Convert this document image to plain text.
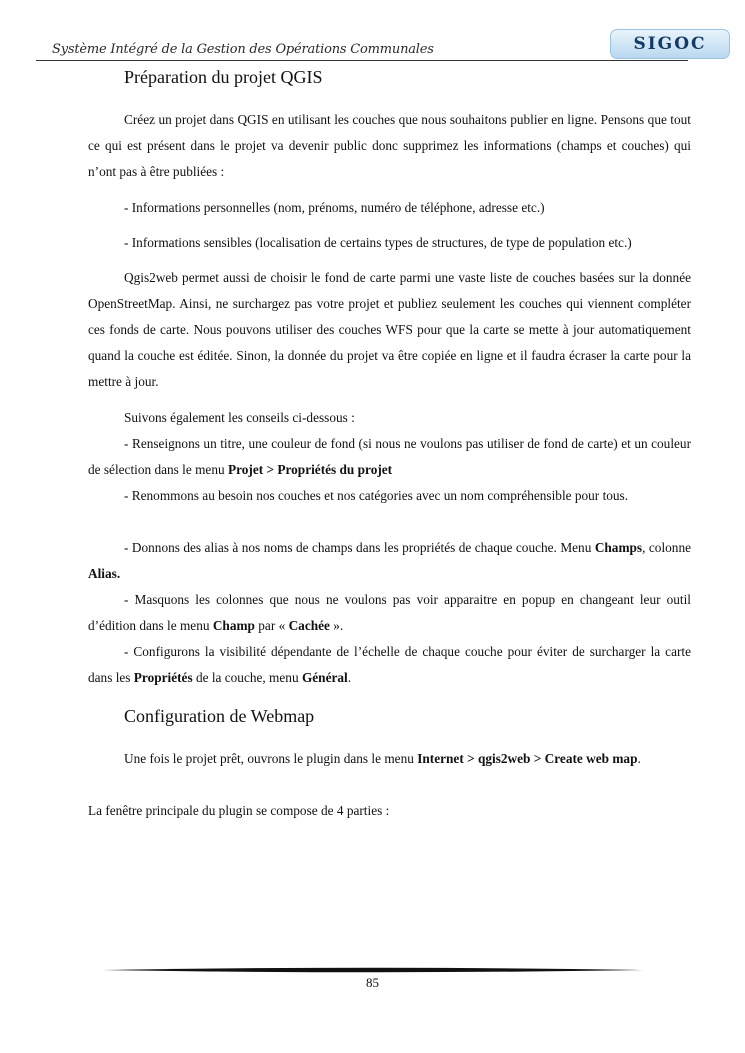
Système Intégré de la Gestion des Opérations Communales	SIGOC
Préparation du projet QGIS

Créez un projet dans QGIS en utilisant les couches que nous souhaitons publier en ligne. Pensons que tout ce qui est présent dans le projet va devenir public donc supprimez les informations (champs et couches) qui n’ont pas à être publiées :

- Informations personnelles (nom, prénoms, numéro de téléphone, adresse etc.)

- Informations sensibles (localisation de certains types de structures, de type de population etc.)

Qgis2web permet aussi de choisir le fond de carte parmi une vaste liste de couches basées sur la donnée OpenStreetMap. Ainsi, ne surchargez pas votre projet et publiez seulement les couches qui viennent compléter ces fonds de carte. Nous pouvons utiliser des couches WFS pour que la carte se mette à jour automatiquement quand la couche est éditée. Sinon, la donnée du projet va être copiée en ligne et il faudra écraser la carte pour la mettre à jour.

Suivons également les conseils ci-dessous :

- Renseignons un titre, une couleur de fond (si nous ne voulons pas utiliser de fond de carte) et un couleur de sélection dans le menu Projet > Propriétés du projet

- Renommons au besoin nos couches et nos catégories avec un nom compréhensible pour tous.

- Donnons des alias à nos noms de champs dans les propriétés de chaque couche. Menu Champs, colonne Alias.

- Masquons les colonnes que nous ne voulons pas voir apparaitre en popup en changeant leur outil d’édition dans le menu Champ par « Cachée ».

- Configurons la visibilité dépendante de l’échelle de chaque couche pour éviter de surcharger la carte dans les Propriétés de la couche, menu Général.

Configuration de Webmap

Une fois le projet prêt, ouvrons le plugin dans le menu Internet > qgis2web > Create web map.

La fenêtre principale du plugin se compose de 4 parties :

85
